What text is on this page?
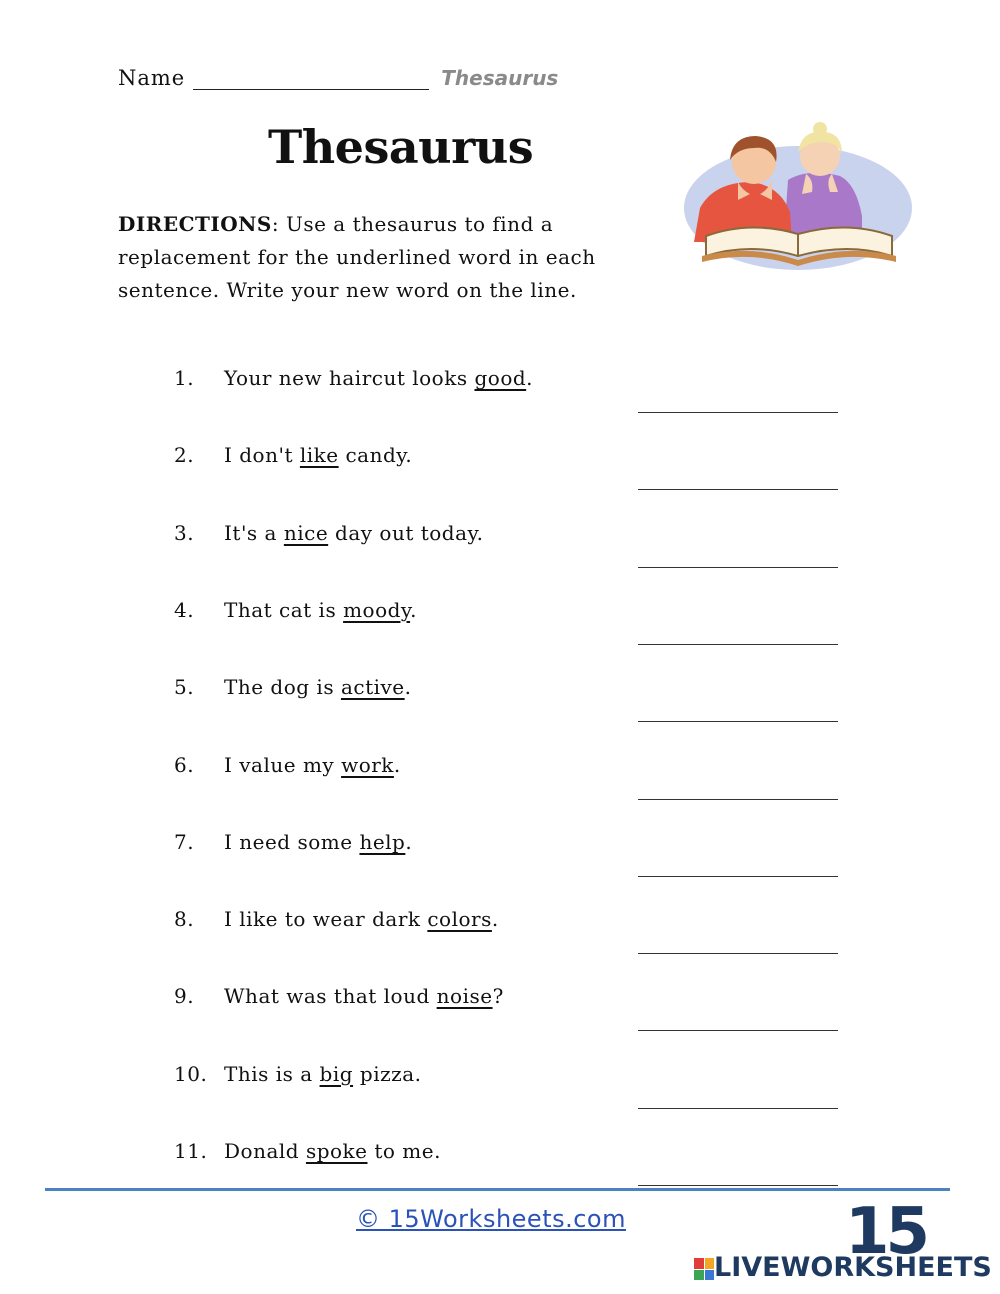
Name	Thesaurus
Thesaurus
DIRECTIONS: Use a thesaurus to find a replacement for the underlined word in each sentence. Write your new word on the line.
1. Your new haircut looks good.
2. I don't like candy.
3. It's a nice day out today.
4. That cat is moody.
5. The dog is active.
6. I value my work.
7. I need some help.
8. I like to wear dark colors.
9. What was that loud noise?
10. This is a big pizza.
11. Donald spoke to me.
© 15Worksheets.com	15
LIVEWORKSHEETS
